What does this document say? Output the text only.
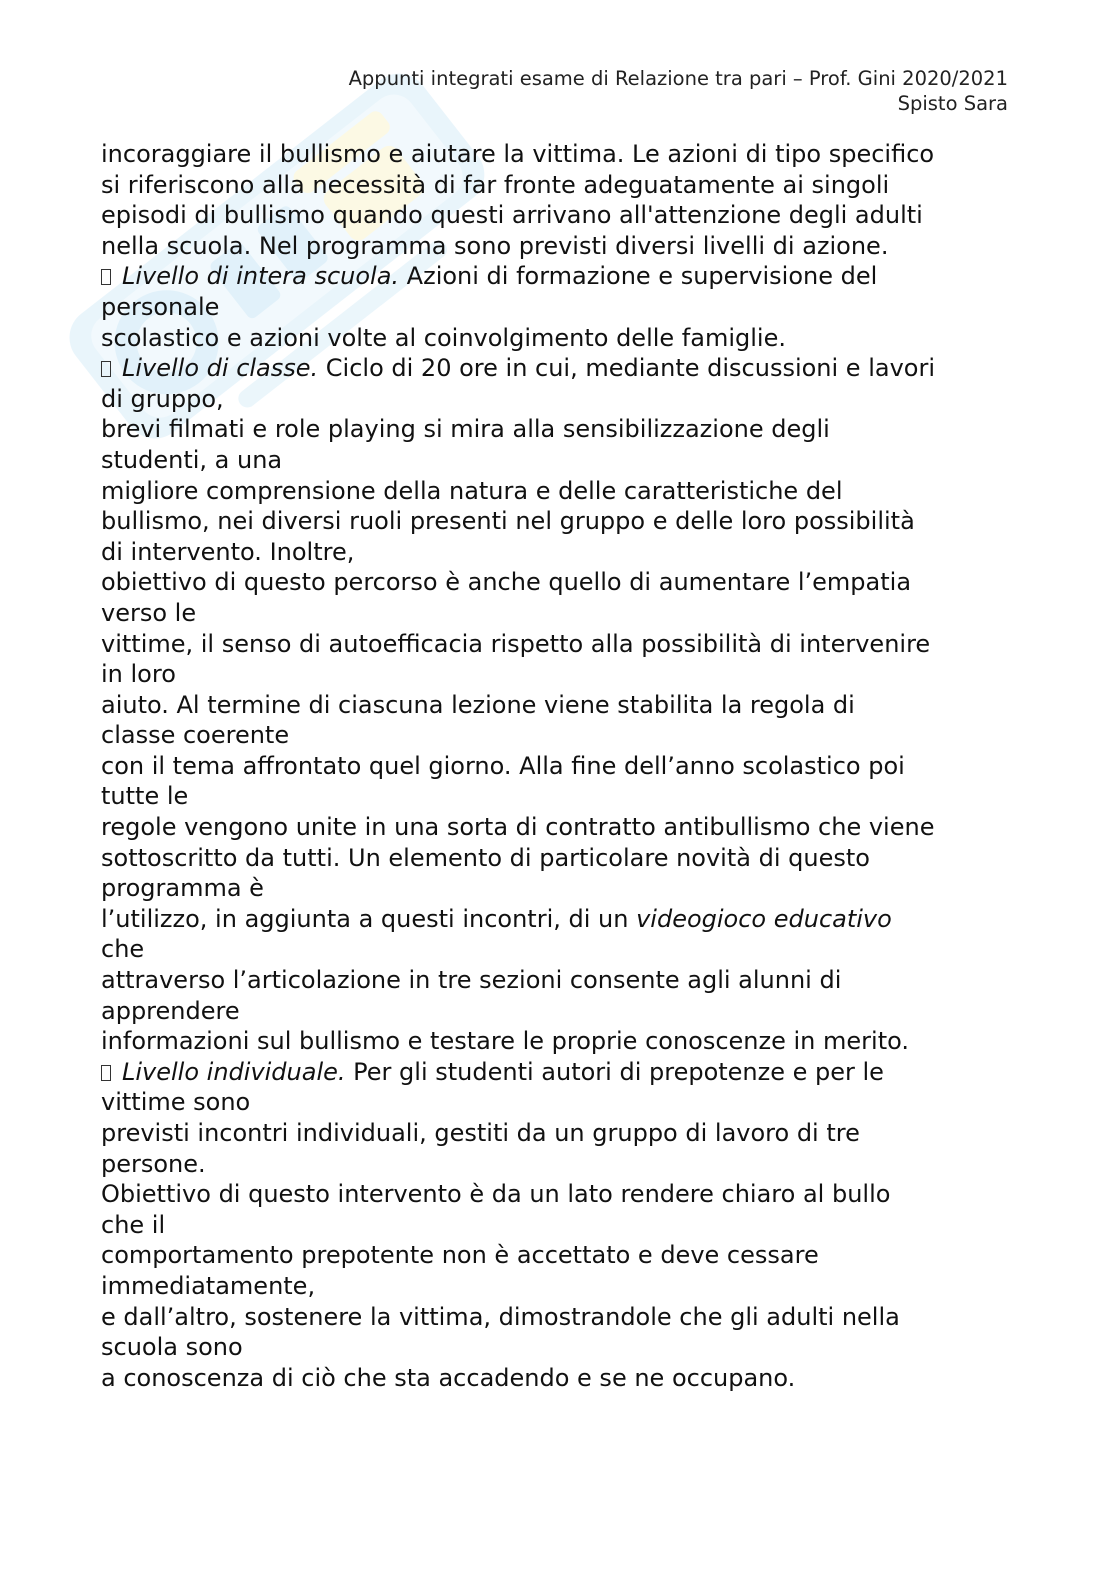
Appunti integrati esame di Relazione tra pari – Prof. Gini 2020/2021
Spisto Sara
incoraggiare il bullismo e aiutare la vittima. Le azioni di tipo specifico
si riferiscono alla necessità di far fronte adeguatamente ai singoli
episodi di bullismo quando questi arrivano all'attenzione degli adulti
nella scuola. Nel programma sono previsti diversi livelli di azione.
Livello di intera scuola. Azioni di formazione e supervisione del
personale
scolastico e azioni volte al coinvolgimento delle famiglie.
Livello di classe. Ciclo di 20 ore in cui, mediante discussioni e lavori
di gruppo,
brevi filmati e role playing si mira alla sensibilizzazione degli
studenti, a una
migliore comprensione della natura e delle caratteristiche del
bullismo, nei diversi ruoli presenti nel gruppo e delle loro possibilità
di intervento. Inoltre,
obiettivo di questo percorso è anche quello di aumentare l’empatia
verso le
vittime, il senso di autoefficacia rispetto alla possibilità di intervenire
in loro
aiuto. Al termine di ciascuna lezione viene stabilita la regola di
classe coerente
con il tema affrontato quel giorno. Alla fine dell’anno scolastico poi
tutte le
regole vengono unite in una sorta di contratto antibullismo che viene
sottoscritto da tutti. Un elemento di particolare novità di questo
programma è
l’utilizzo, in aggiunta a questi incontri, di un videogioco educativo
che
attraverso l’articolazione in tre sezioni consente agli alunni di
apprendere
informazioni sul bullismo e testare le proprie conoscenze in merito.
Livello individuale. Per gli studenti autori di prepotenze e per le
vittime sono
previsti incontri individuali, gestiti da un gruppo di lavoro di tre
persone.
Obiettivo di questo intervento è da un lato rendere chiaro al bullo
che il
comportamento prepotente non è accettato e deve cessare
immediatamente,
e dall’altro, sostenere la vittima, dimostrandole che gli adulti nella
scuola sono
a conoscenza di ciò che sta accadendo e se ne occupano.
